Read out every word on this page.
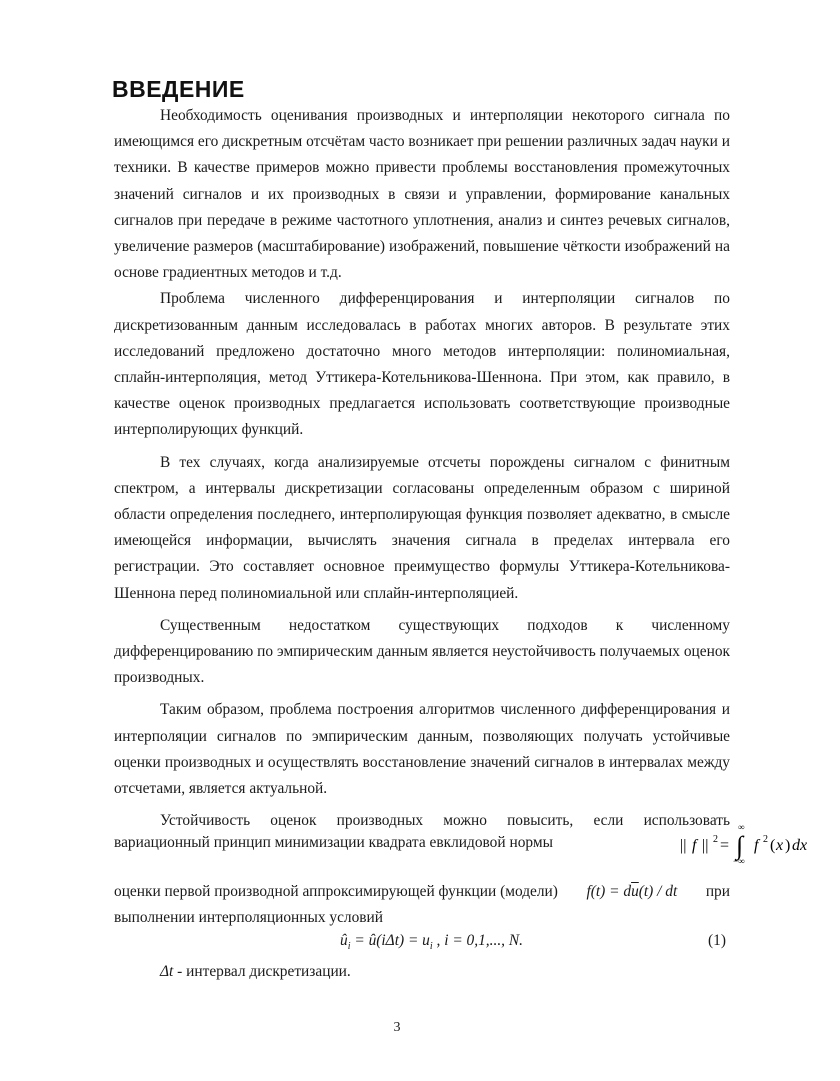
ВВЕДЕНИЕ

Необходимость оценивания производных и интерполяции некоторого сигнала по имеющимся его дискретным отсчётам часто возникает при решении различных задач науки и техники. В качестве примеров можно привести проблемы восстановления промежуточных значений сигналов и их производных в связи и управлении, формирование канальных сигналов при передаче в режиме частотного уплотнения, анализ и синтез речевых сигналов, увеличение размеров (масштабирование) изображений, повышение чёткости изображений на основе градиентных методов и т.д.

Проблема численного дифференцирования и интерполяции сигналов по дискретизованным данным исследовалась в работах многих авторов. В результате этих исследований предложено достаточно много методов интерполяции: полиномиальная, сплайн-интерполяция, метод Уттикера-Котельникова-Шеннона. При этом, как правило, в качестве оценок производных предлагается использовать соответствующие производные интерполирующих функций.

В тех случаях, когда анализируемые отсчеты порождены сигналом с финитным спектром, а интервалы дискретизации согласованы определенным образом с шириной области определения последнего, интерполирующая функция позволяет адекватно, в смысле имеющейся информации, вычислять значения сигнала в пределах интервала его регистрации. Это составляет основное преимущество формулы Уттикера-Котельникова-Шеннона перед полиномиальной или сплайн-интерполяцией.

Существенным недостатком существующих подходов к численному дифференцированию по эмпирическим данным является неустойчивость получаемых оценок производных.

Таким образом, проблема построения алгоритмов численного дифференцирования и интерполяции сигналов по эмпирическим данным, позволяющих получать устойчивые оценки производных и осуществлять восстановление значений сигналов в интервалах между отсчетами, является актуальной.

Устойчивость оценок производных можно повысить, если использовать

вариационный принцип минимизации квадрата евклидовой нормы	|| f || 2 = ∫
∞
−∞
f 2 ( x ) dx
оценки первой производной аппроксимирующей функции (модели) $f(t) = d\overline{u}(t)$ / dt при
выполнении интерполяционных условий
$û_i$ = û(iΔt) = $u_i$ , i = 0,1,..., N.	(1)
Δt - интервал дискретизации.
3
